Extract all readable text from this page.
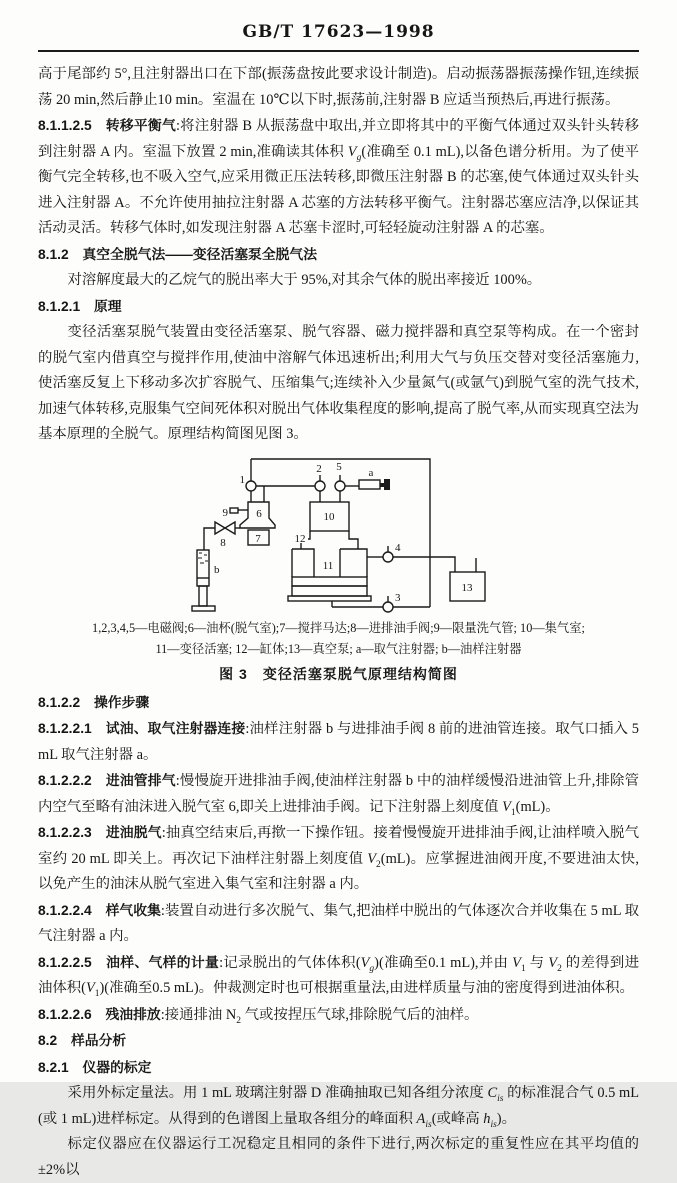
GB/T 17623—1998

高于尾部约 5°,且注射器出口在下部(振荡盘按此要求设计制造)。启动振荡器振荡操作钮,连续振荡 20 min,然后静止10 min。室温在 10℃以下时,振荡前,注射器 B 应适当预热后,再进行振荡。

8.1.1.2.5　转移平衡气:将注射器 B 从振荡盘中取出,并立即将其中的平衡气体通过双头针头转移到注射器 A 内。室温下放置 2 min,准确读其体积 $V_g$(准确至 0.1 mL),以备色谱分析用。为了使平衡气完全转移,也不吸入空气,应采用微正压法转移,即微压注射器 B 的芯塞,使气体通过双头针头进入注射器 A。不允许使用抽拉注射器 A 芯塞的方法转移平衡气。注射器芯塞应洁净,以保证其活动灵活。转移气体时,如发现注射器 A 芯塞卡涩时,可轻轻旋动注射器 A 的芯塞。

8.1.2　真空全脱气法——变径活塞泵全脱气法

对溶解度最大的乙烷气的脱出率大于 95%,对其余气体的脱出率接近 100%。

8.1.2.1　原理

变径活塞泵脱气装置由变径活塞泵、脱气容器、磁力搅拌器和真空泵等构成。在一个密封的脱气室内借真空与搅拌作用,使油中溶解气体迅速析出;利用大气与负压交替对变径活塞施力,使活塞反复上下移动多次扩容脱气、压缩集气;连续补入少量氮气(或氩气)到脱气室的洗气技术,加速气体转移,克服集气空间死体积对脱出气体收集程度的影响,提高了脱气率,从而实现真空法为基本原理的全脱气。原理结构简图见图 3。

1
2 5 a
9	6
8	7	12
10
11
b
4
3
13
1,2,3,4,5—电磁阀;6—油杯(脱气室);7—搅拌马达;8—进排油手阀;9—限量洗气管; 10—集气室;
11—变径活塞; 12—缸体;13—真空泵; a—取气注射器; b—油样注射器
图 3　变径活塞泵脱气原理结构简图

8.1.2.2　操作步骤

8.1.2.2.1　试油、取气注射器连接:油样注射器 b 与进排油手阀 8 前的进油管连接。取气口插入 5 mL 取气注射器 a。

8.1.2.2.2　进油管排气:慢慢旋开进排油手阀,使油样注射器 b 中的油样缓慢沿进油管上升,排除管内空气至略有油沫进入脱气室 6,即关上进排油手阀。记下注射器上刻度值 $V_1(mL)$。

8.1.2.2.3　进油脱气:抽真空结束后,再揿一下操作钮。接着慢慢旋开进排油手阀,让油样喷入脱气室约 20 mL 即关上。再次记下油样注射器上刻度值 $V_2(mL)$。应掌握进油阀开度,不要进油太快,以免产生的油沫从脱气室进入集气室和注射器 a 内。

8.1.2.2.4　样气收集:装置自动进行多次脱气、集气,把油样中脱出的气体逐次合并收集在 5 mL 取气注射器 a 内。

8.1.2.2.5　油样、气样的计量:记录脱出的气体体积$(V_g)$(准确至0.1 mL),并由 $V_1$ 与 $V_2$ 的差得到进油体积$(V_1)$(准确至0.5 mL)。仲裁测定时也可根据重量法,由进样质量与油的密度得到进油体积。

8.1.2.2.6　残油排放:接通排油 $N_2$ 气或按捏压气球,排除脱气后的油样。

8.2　样品分析

8.2.1　仪器的标定

采用外标定量法。用 1 mL 玻璃注射器 D 准确抽取已知各组分浓度 $C_{is}$ 的标准混合气 0.5 mL(或 1 mL)进样标定。从得到的色谱图上量取各组分的峰面积 $A_{is}$(或峰高 $h_{is}$)。

标定仪器应在仪器运行工况稳定且相同的条件下进行,两次标定的重复性应在其平均值的 ±2%以
